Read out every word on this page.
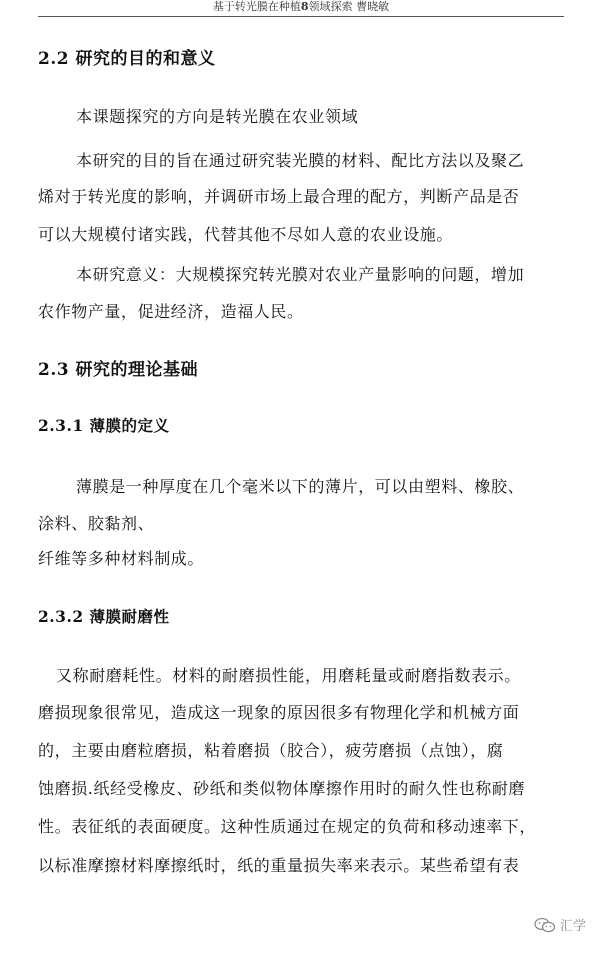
基于转光膜在种植8领域探索 曹晓敏
2.2 研究的目的和意义
本课题探究的方向是转光膜在农业领域
本研究的目的旨在通过研究装光膜的材料、配比方法以及聚乙
烯对于转光度的影响，并调研市场上最合理的配方，判断产品是否
可以大规模付诸实践，代替其他不尽如人意的农业设施。
本研究意义：大规模探究转光膜对农业产量影响的问题，增加
农作物产量，促进经济，造福人民。
2.3 研究的理论基础
2.3.1 薄膜的定义
薄膜是一种厚度在几个毫米以下的薄片，可以由塑料、橡胶、
涂料、胶黏剂、
纤维等多种材料制成。
2.3.2 薄膜耐磨性
又称耐磨耗性。材料的耐磨损性能，用磨耗量或耐磨指数表示。
磨损现象很常见，造成这一现象的原因很多有物理化学和机械方面
的，主要由磨粒磨损，粘着磨损（胶合），疲劳磨损（点蚀），腐
蚀磨损.纸经受橡皮、砂纸和类似物体摩擦作用时的耐久性也称耐磨
性。表征纸的表面硬度。这种性质通过在规定的负荷和移动速率下，
以标准摩擦材料摩擦纸时，纸的重量损失率来表示。某些希望有表
汇学
